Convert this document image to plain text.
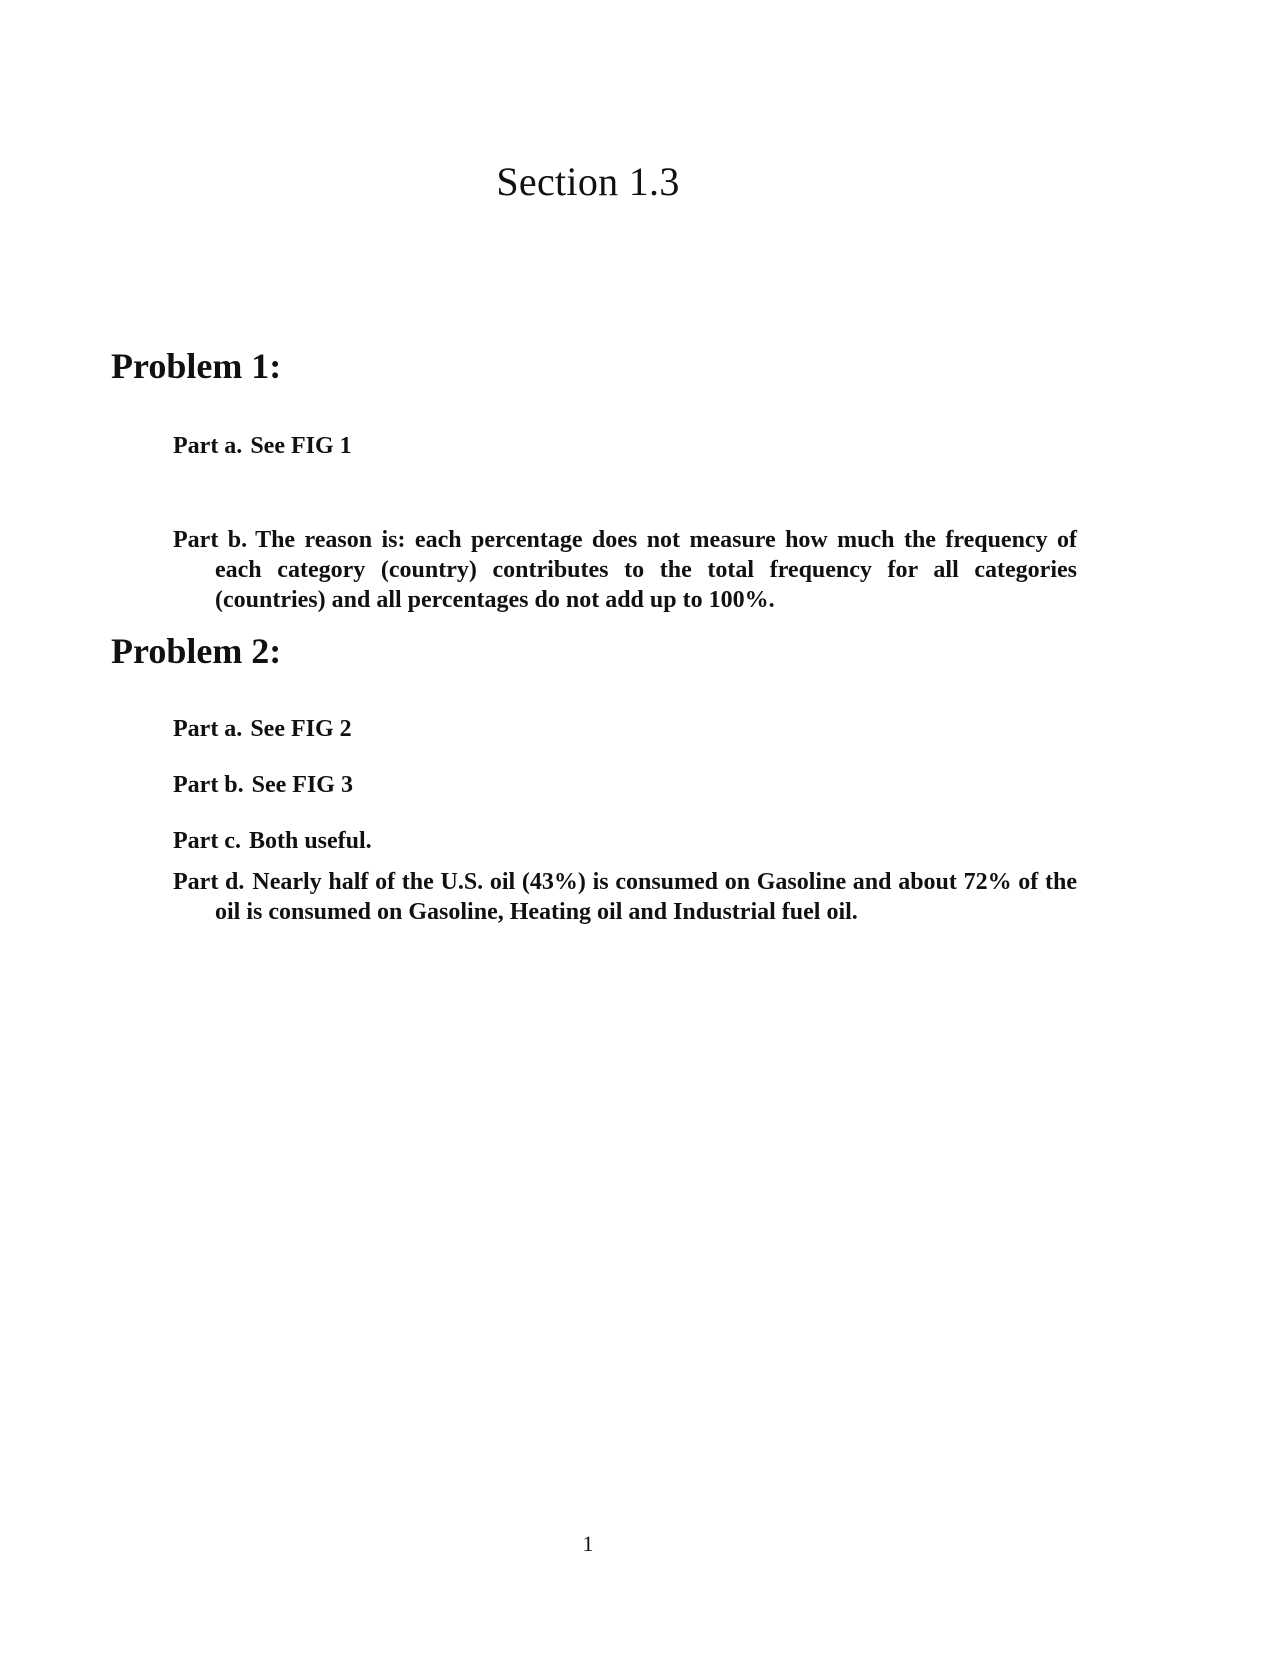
Section 1.3
Problem 1:

Part a. See FIG 1

Part b. The reason is: each percentage does not measure how much the frequency of each category (country) contributes to the total frequency for all categories (countries) and all percentages do not add up to 100%.

Problem 2:

Part a. See FIG 2

Part b. See FIG 3

Part c. Both useful.

Part d. Nearly half of the U.S. oil (43%) is consumed on Gasoline and about 72% of the oil is consumed on Gasoline, Heating oil and Industrial fuel oil.

1
